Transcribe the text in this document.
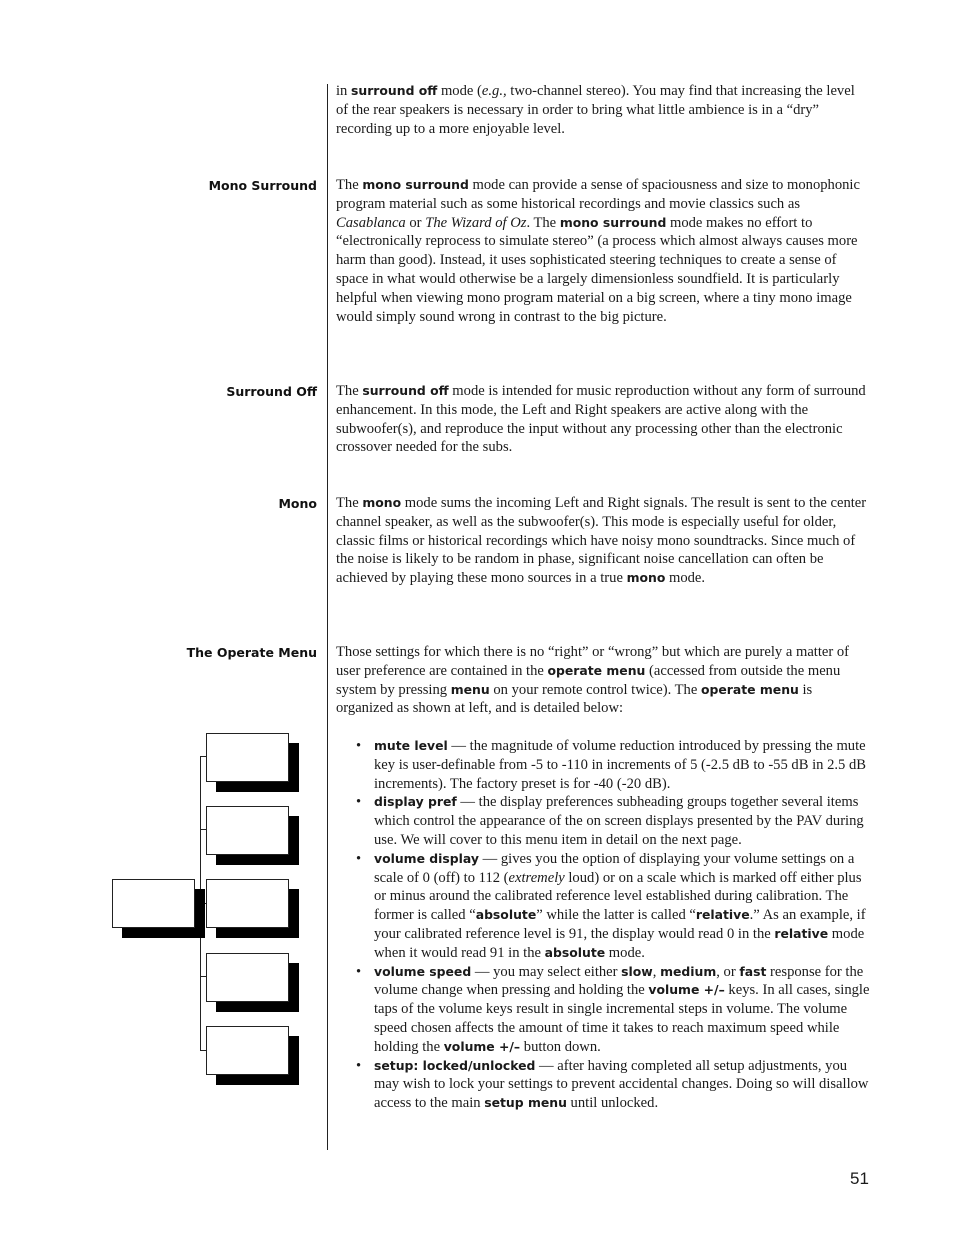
in surround off mode (e.g., two-channel stereo). You may find that increasing the level of the rear speakers is necessary in order to bring what little ambience is in a “dry” recording up to a more enjoyable level.

Mono Surround The mono surround mode can provide a sense of spaciousness and size to monophonic program material such as some historical recordings and movie classics such as Casablanca or The Wizard of Oz. The mono surround mode makes no effort to “electronically reprocess to simulate stereo” (a process which almost always causes more harm than good). Instead, it uses sophisticated steering techniques to create a sense of space in what would otherwise be a largely dimensionless soundfield. It is particularly helpful when viewing mono program material on a big screen, where a tiny mono image would simply sound wrong in contrast to the big picture.

Surround Off The surround off mode is intended for music reproduction without any form of surround enhancement. In this mode, the Left and Right speakers are active along with the subwoofer(s), and reproduce the input without any processing other than the electronic crossover needed for the subs.

Mono The mono mode sums the incoming Left and Right signals. The result is sent to the center channel speaker, as well as the subwoofer(s). This mode is especially useful for older, classic films or historical recordings which have noisy mono soundtracks. Since much of the noise is likely to be random in phase, significant noise cancellation can often be achieved by playing these mono sources in a true mono mode.

The Operate Menu Those settings for which there is no “right” or “wrong” but which are purely a matter of user preference are contained in the operate menu (accessed from outside the menu system by pressing menu on your remote control twice). The operate menu is organized as shown at left, and is detailed below:

• mute level — the magnitude of volume reduction introduced by pressing the mute key is user-definable from -5 to -110 in increments of 5 (-2.5 dB to -55 dB in 2.5 dB increments). The factory preset is for -40 (-20 dB).
• display pref — the display preferences subheading groups together several items which control the appearance of the on screen displays presented by the PAV during use. We will cover to this menu item in detail on the next page.
• volume display — gives you the option of displaying your volume settings on a scale of 0 (off) to 112 (extremely loud) or on a scale which is marked off either plus or minus around the calibrated reference level established during calibration. The former is called “absolute” while the latter is called “relative.” As an example, if your calibrated reference level is 91, the display would read 0 in the relative mode when it would read 91 in the absolute mode.
• volume speed — you may select either slow, medium, or fast response for the volume change when pressing and holding the volume +/– keys. In all cases, single taps of the volume keys result in single incremental steps in volume. The volume speed chosen affects the amount of time it takes to reach maximum speed while holding the volume +/– button down.
• setup: locked/unlocked — after having completed all setup adjustments, you may wish to lock your settings to prevent accidental changes. Doing so will disallow access to the main setup menu until unlocked.
51
